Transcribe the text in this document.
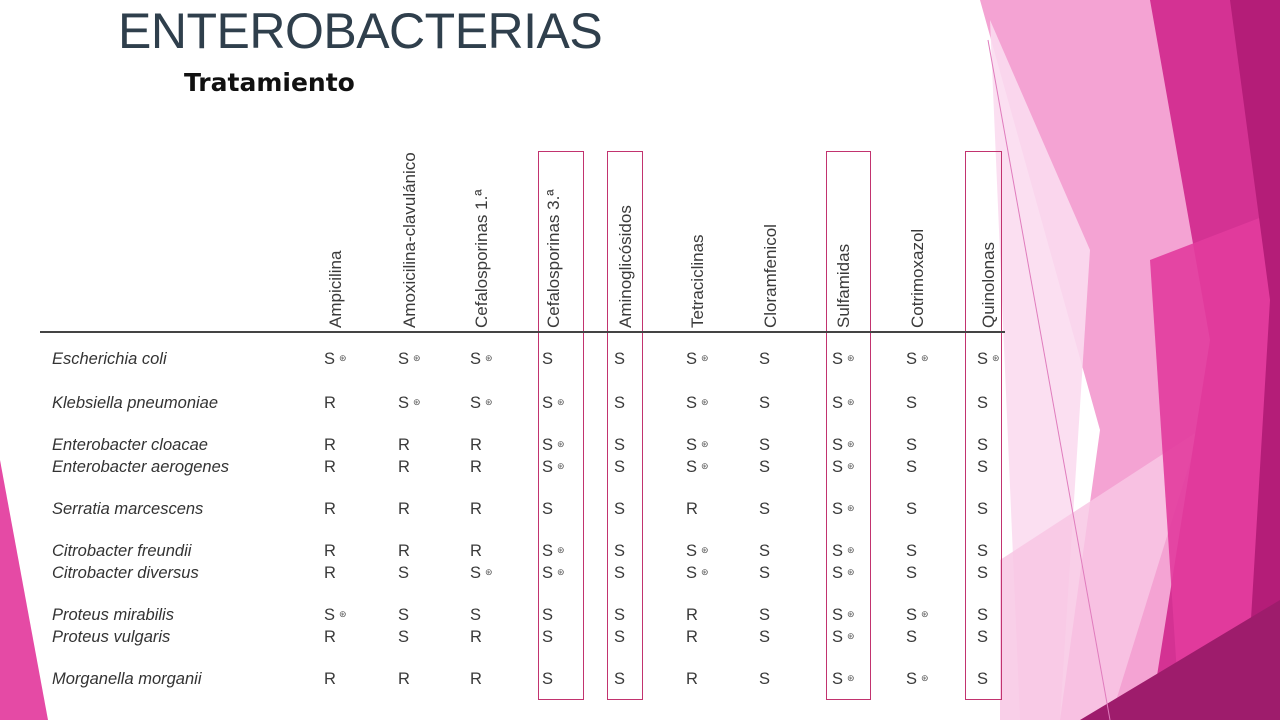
ENTEROBACTERIAS
Tratamiento
Ampicilina	Amoxicilina-clavulánico	Cefalosporinas 1.ª	Cefalosporinas 3.ª	Aminoglicósidos	Tetraciclinas	Cloramfenicol	Sulfamidas	Cotrimoxazol	Quinolonas
Escherichia coli	S ⊛	S ⊛	S ⊛	S	S	S ⊛	S	S ⊛	S ⊛	S ⊛
Klebsiella pneumoniae	R	S ⊛	S ⊛	S ⊛	S	S ⊛	S	S ⊛	S	S
Enterobacter cloacae	R	R	R	S ⊛	S	S ⊛	S	S ⊛	S	S
Enterobacter aerogenes	R	R	R	S ⊛	S	S ⊛	S	S ⊛	S	S
Serratia marcescens	R	R	R	S	S	R	S	S ⊛	S	S
Citrobacter freundii	R	R	R	S ⊛	S	S ⊛	S	S ⊛	S	S
Citrobacter diversus	R	S	S ⊛	S ⊛	S	S ⊛	S	S ⊛	S	S
Proteus mirabilis	S ⊛	S	S	S	S	R	S	S ⊛	S ⊛	S
Proteus vulgaris	R	S	R	S	S	R	S	S ⊛	S	S
Morganella morganii	R	R	R	S	S	R	S	S ⊛	S ⊛	S
